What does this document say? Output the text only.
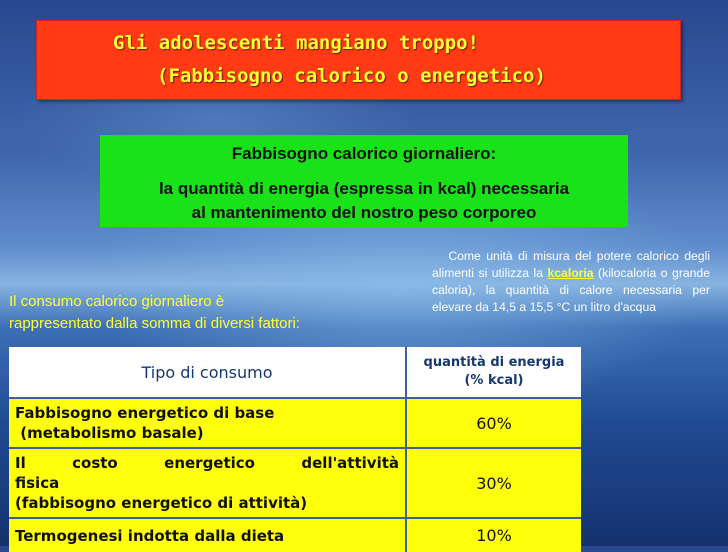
Gli adolescenti mangiano troppo!
(Fabbisogno calorico o energetico)
Fabbisogno calorico giornaliero:
la quantità di energia (espressa in kcal) necessaria
al mantenimento del nostro peso corporeo
Come unità di misura del potere calorico degli alimenti si utilizza la kcaloria (kilocaloria o grande caloria), la quantità di calore necessaria per elevare da 14,5 a 15,5 °C un litro d'acqua
Il consumo calorico giornaliero è
rappresentato dalla somma di diversi fattori:
Tipo di consumo	quantità di energia
(% kcal)

Fabbisogno energetico di base
(metabolismo basale)	60%

Il costo energetico dell'attività fisica
(fabbisogno energetico di attività)	30%

Termogenesi indotta dalla dieta	10%
